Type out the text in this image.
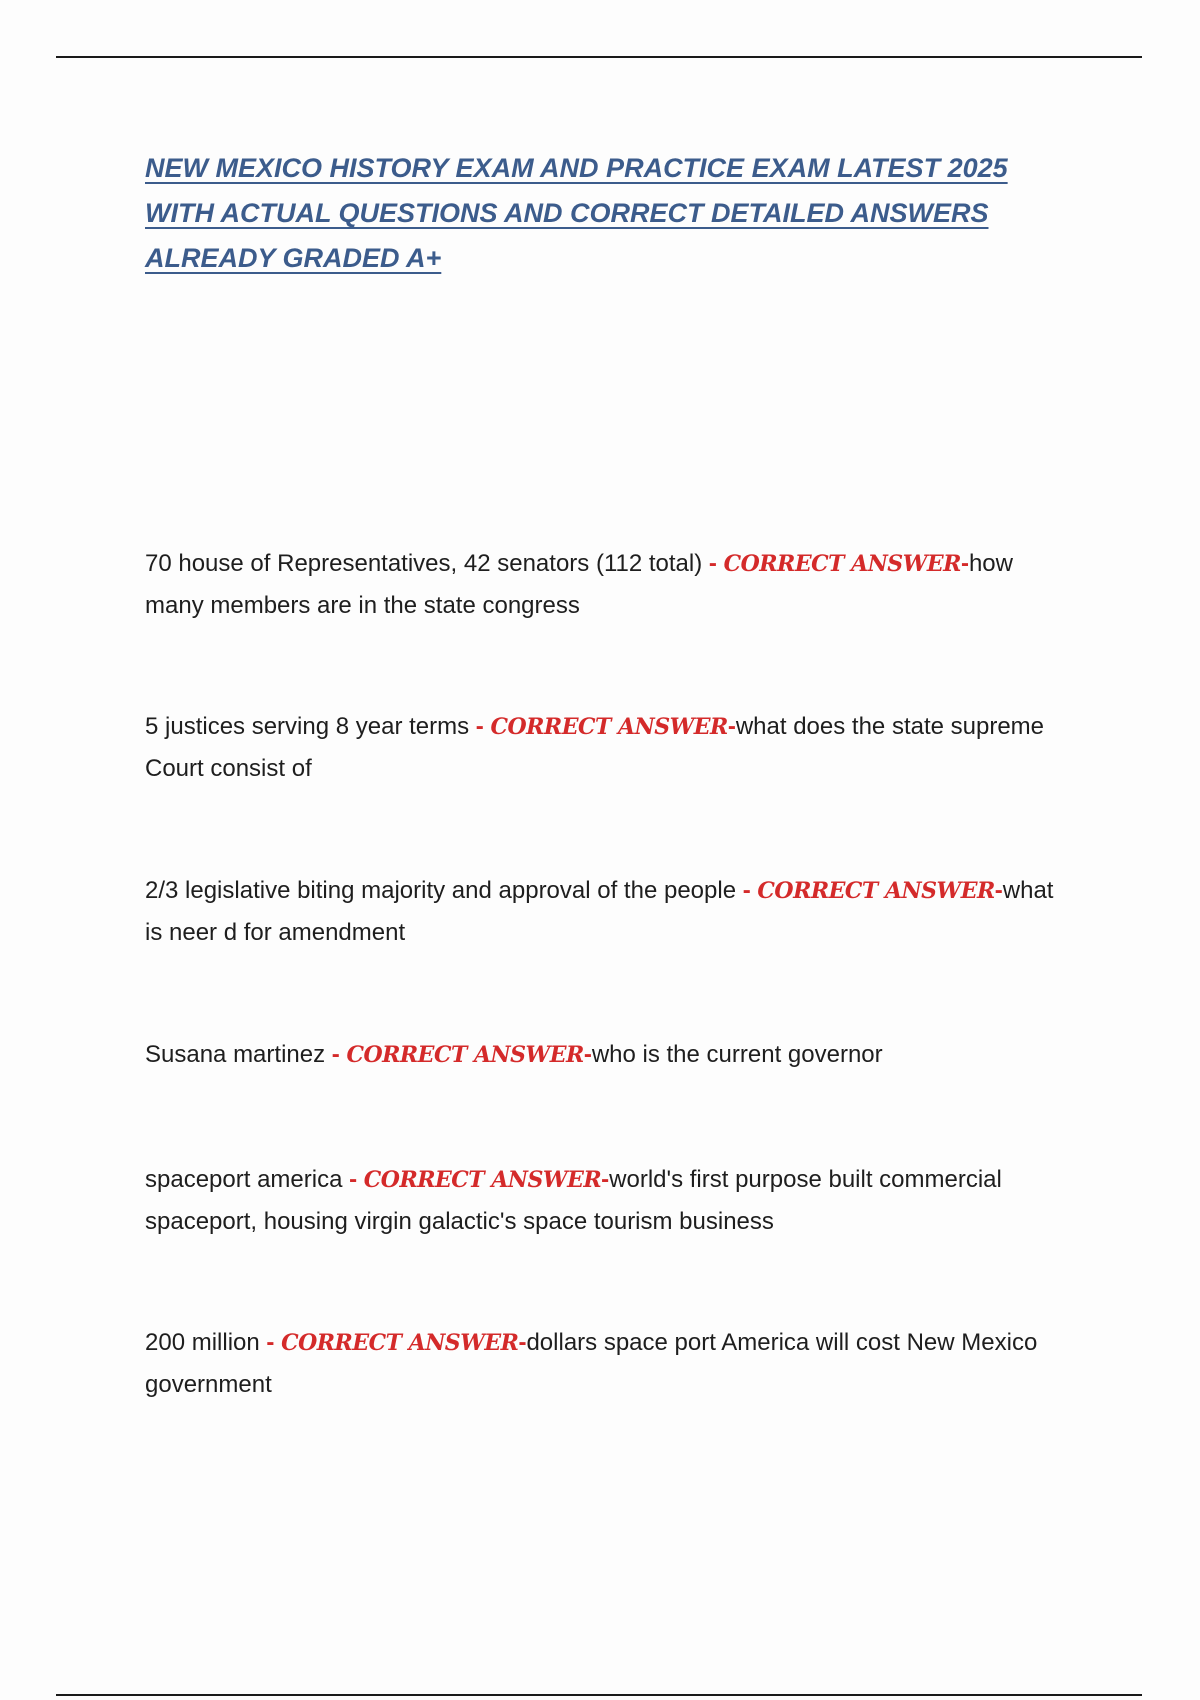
NEW MEXICO HISTORY EXAM AND PRACTICE EXAM LATEST 2025
WITH ACTUAL QUESTIONS AND CORRECT DETAILED ANSWERS
ALREADY GRADED A+

70 house of Representatives, 42 senators (112 total) - CORRECT ANSWER-how many members are in the state congress

5 justices serving 8 year terms - CORRECT ANSWER-what does the state supreme Court consist of

2/3 legislative biting majority and approval of the people - CORRECT ANSWER-what is neer d for amendment

Susana martinez - CORRECT ANSWER-who is the current governor

spaceport america - CORRECT ANSWER-world's first purpose built commercial spaceport, housing virgin galactic's space tourism business

200 million - CORRECT ANSWER-dollars space port America will cost New Mexico government
